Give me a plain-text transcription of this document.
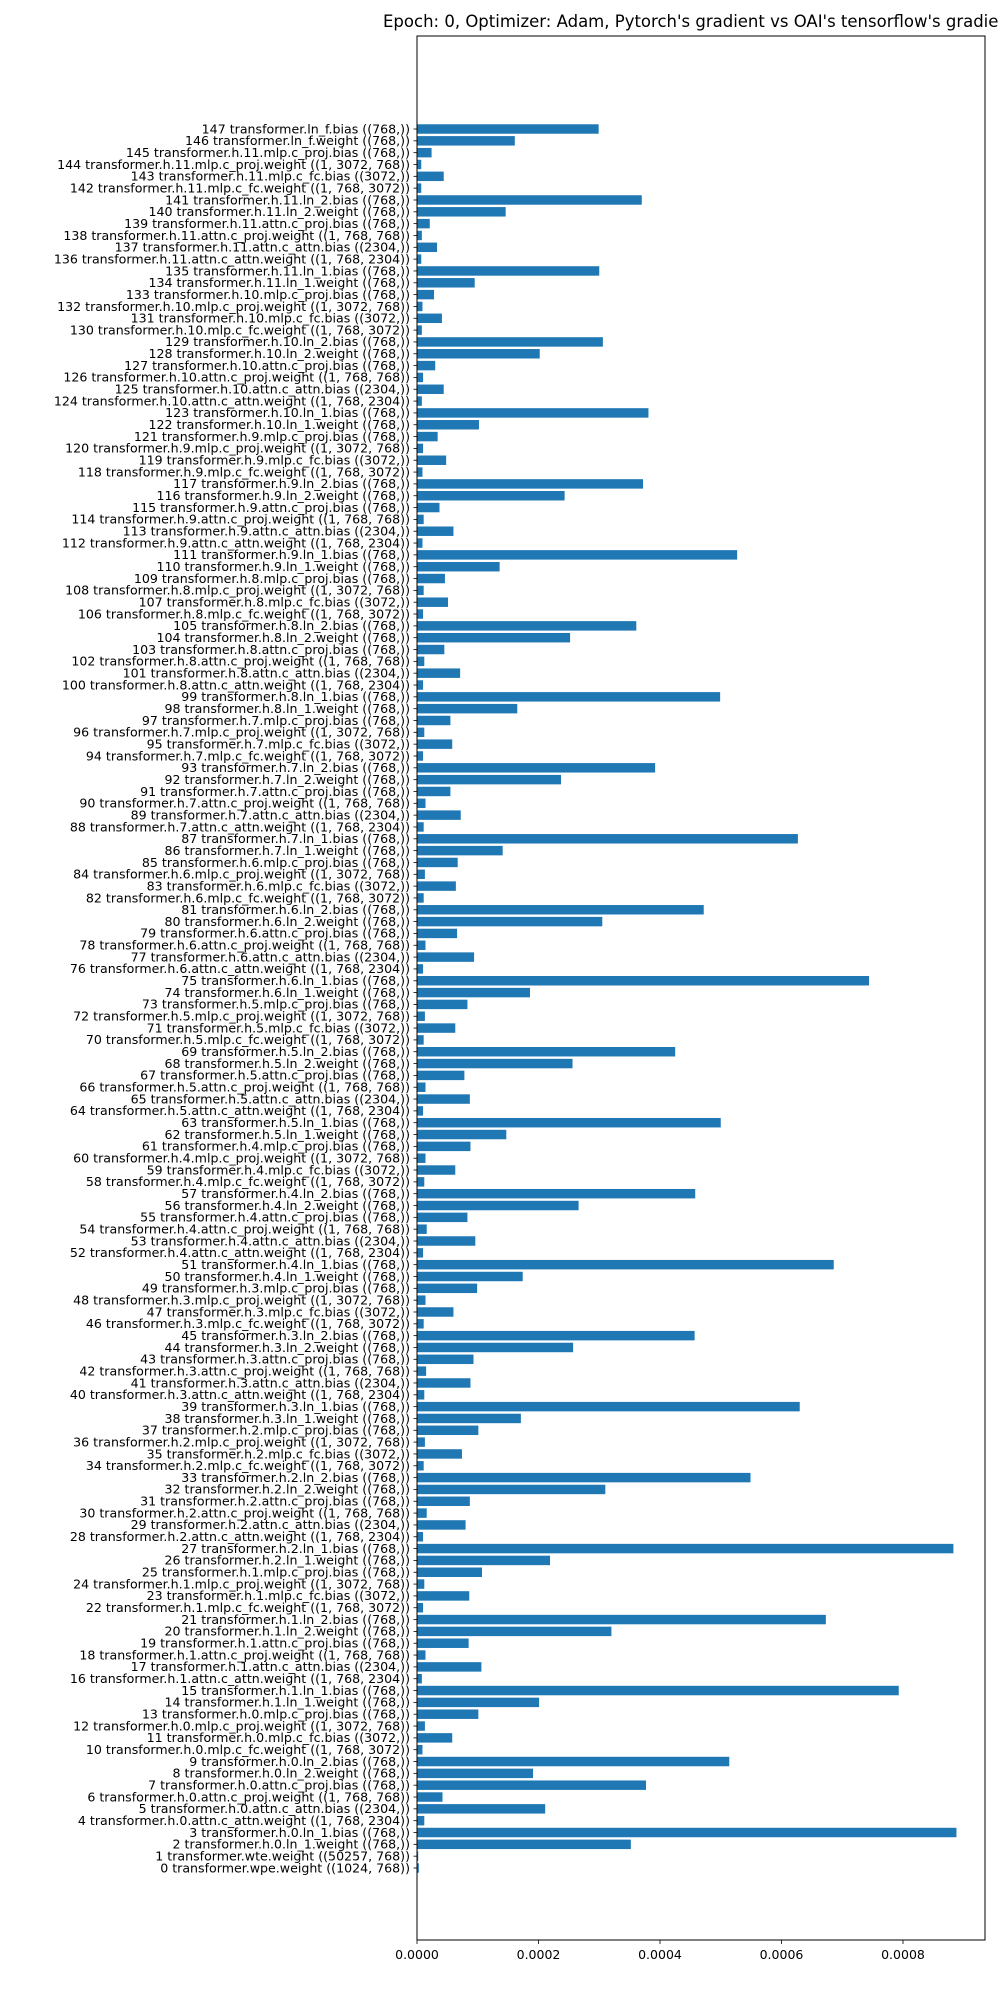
0 transformer.wpe.weight ((1024, 768))
1 transformer.wte.weight ((50257, 768))
2 transformer.h.0.ln_1.weight ((768,))
3 transformer.h.0.ln_1.bias ((768,))
4 transformer.h.0.attn.c_attn.weight ((1, 768, 2304))
5 transformer.h.0.attn.c_attn.bias ((2304,))
6 transformer.h.0.attn.c_proj.weight ((1, 768, 768))
7 transformer.h.0.attn.c_proj.bias ((768,))
8 transformer.h.0.ln_2.weight ((768,))
9 transformer.h.0.ln_2.bias ((768,))
10 transformer.h.0.mlp.c_fc.weight ((1, 768, 3072))
11 transformer.h.0.mlp.c_fc.bias ((3072,))
12 transformer.h.0.mlp.c_proj.weight ((1, 3072, 768))
13 transformer.h.0.mlp.c_proj.bias ((768,))
14 transformer.h.1.ln_1.weight ((768,))
15 transformer.h.1.ln_1.bias ((768,))
16 transformer.h.1.attn.c_attn.weight ((1, 768, 2304))
17 transformer.h.1.attn.c_attn.bias ((2304,))
18 transformer.h.1.attn.c_proj.weight ((1, 768, 768))
19 transformer.h.1.attn.c_proj.bias ((768,))
20 transformer.h.1.ln_2.weight ((768,))
21 transformer.h.1.ln_2.bias ((768,))
22 transformer.h.1.mlp.c_fc.weight ((1, 768, 3072))
23 transformer.h.1.mlp.c_fc.bias ((3072,))
24 transformer.h.1.mlp.c_proj.weight ((1, 3072, 768))
25 transformer.h.1.mlp.c_proj.bias ((768,))
26 transformer.h.2.ln_1.weight ((768,))
27 transformer.h.2.ln_1.bias ((768,))
28 transformer.h.2.attn.c_attn.weight ((1, 768, 2304))
29 transformer.h.2.attn.c_attn.bias ((2304,))
30 transformer.h.2.attn.c_proj.weight ((1, 768, 768))
31 transformer.h.2.attn.c_proj.bias ((768,))
32 transformer.h.2.ln_2.weight ((768,))
33 transformer.h.2.ln_2.bias ((768,))
34 transformer.h.2.mlp.c_fc.weight ((1, 768, 3072))
35 transformer.h.2.mlp.c_fc.bias ((3072,))
36 transformer.h.2.mlp.c_proj.weight ((1, 3072, 768))
37 transformer.h.2.mlp.c_proj.bias ((768,))
38 transformer.h.3.ln_1.weight ((768,))
39 transformer.h.3.ln_1.bias ((768,))
40 transformer.h.3.attn.c_attn.weight ((1, 768, 2304))
41 transformer.h.3.attn.c_attn.bias ((2304,))
42 transformer.h.3.attn.c_proj.weight ((1, 768, 768))
43 transformer.h.3.attn.c_proj.bias ((768,))
44 transformer.h.3.ln_2.weight ((768,))
45 transformer.h.3.ln_2.bias ((768,))
46 transformer.h.3.mlp.c_fc.weight ((1, 768, 3072))
47 transformer.h.3.mlp.c_fc.bias ((3072,))
48 transformer.h.3.mlp.c_proj.weight ((1, 3072, 768))
49 transformer.h.3.mlp.c_proj.bias ((768,))
50 transformer.h.4.ln_1.weight ((768,))
51 transformer.h.4.ln_1.bias ((768,))
52 transformer.h.4.attn.c_attn.weight ((1, 768, 2304))
53 transformer.h.4.attn.c_attn.bias ((2304,))
54 transformer.h.4.attn.c_proj.weight ((1, 768, 768))
55 transformer.h.4.attn.c_proj.bias ((768,))
56 transformer.h.4.ln_2.weight ((768,))
57 transformer.h.4.ln_2.bias ((768,))
58 transformer.h.4.mlp.c_fc.weight ((1, 768, 3072))
59 transformer.h.4.mlp.c_fc.bias ((3072,))
60 transformer.h.4.mlp.c_proj.weight ((1, 3072, 768))
61 transformer.h.4.mlp.c_proj.bias ((768,))
62 transformer.h.5.ln_1.weight ((768,))
63 transformer.h.5.ln_1.bias ((768,))
64 transformer.h.5.attn.c_attn.weight ((1, 768, 2304))
65 transformer.h.5.attn.c_attn.bias ((2304,))
66 transformer.h.5.attn.c_proj.weight ((1, 768, 768))
67 transformer.h.5.attn.c_proj.bias ((768,))
68 transformer.h.5.ln_2.weight ((768,))
69 transformer.h.5.ln_2.bias ((768,))
70 transformer.h.5.mlp.c_fc.weight ((1, 768, 3072))
71 transformer.h.5.mlp.c_fc.bias ((3072,))
72 transformer.h.5.mlp.c_proj.weight ((1, 3072, 768))
73 transformer.h.5.mlp.c_proj.bias ((768,))
74 transformer.h.6.ln_1.weight ((768,))
75 transformer.h.6.ln_1.bias ((768,))
76 transformer.h.6.attn.c_attn.weight ((1, 768, 2304))
77 transformer.h.6.attn.c_attn.bias ((2304,))
78 transformer.h.6.attn.c_proj.weight ((1, 768, 768))
79 transformer.h.6.attn.c_proj.bias ((768,))
80 transformer.h.6.ln_2.weight ((768,))
81 transformer.h.6.ln_2.bias ((768,))
82 transformer.h.6.mlp.c_fc.weight ((1, 768, 3072))
83 transformer.h.6.mlp.c_fc.bias ((3072,))
84 transformer.h.6.mlp.c_proj.weight ((1, 3072, 768))
85 transformer.h.6.mlp.c_proj.bias ((768,))
86 transformer.h.7.ln_1.weight ((768,))
87 transformer.h.7.ln_1.bias ((768,))
88 transformer.h.7.attn.c_attn.weight ((1, 768, 2304))
89 transformer.h.7.attn.c_attn.bias ((2304,))
90 transformer.h.7.attn.c_proj.weight ((1, 768, 768))
91 transformer.h.7.attn.c_proj.bias ((768,))
92 transformer.h.7.ln_2.weight ((768,))
93 transformer.h.7.ln_2.bias ((768,))
94 transformer.h.7.mlp.c_fc.weight ((1, 768, 3072))
95 transformer.h.7.mlp.c_fc.bias ((3072,))
96 transformer.h.7.mlp.c_proj.weight ((1, 3072, 768))
97 transformer.h.7.mlp.c_proj.bias ((768,))
98 transformer.h.8.ln_1.weight ((768,))
99 transformer.h.8.ln_1.bias ((768,))
100 transformer.h.8.attn.c_attn.weight ((1, 768, 2304))
101 transformer.h.8.attn.c_attn.bias ((2304,))
102 transformer.h.8.attn.c_proj.weight ((1, 768, 768))
103 transformer.h.8.attn.c_proj.bias ((768,))
104 transformer.h.8.ln_2.weight ((768,))
105 transformer.h.8.ln_2.bias ((768,))
106 transformer.h.8.mlp.c_fc.weight ((1, 768, 3072))
107 transformer.h.8.mlp.c_fc.bias ((3072,))
108 transformer.h.8.mlp.c_proj.weight ((1, 3072, 768))
109 transformer.h.8.mlp.c_proj.bias ((768,))
110 transformer.h.9.ln_1.weight ((768,))
111 transformer.h.9.ln_1.bias ((768,))
112 transformer.h.9.attn.c_attn.weight ((1, 768, 2304))
113 transformer.h.9.attn.c_attn.bias ((2304,))
114 transformer.h.9.attn.c_proj.weight ((1, 768, 768))
115 transformer.h.9.attn.c_proj.bias ((768,))
116 transformer.h.9.ln_2.weight ((768,))
117 transformer.h.9.ln_2.bias ((768,))
118 transformer.h.9.mlp.c_fc.weight ((1, 768, 3072))
119 transformer.h.9.mlp.c_fc.bias ((3072,))
120 transformer.h.9.mlp.c_proj.weight ((1, 3072, 768))
121 transformer.h.9.mlp.c_proj.bias ((768,))
122 transformer.h.10.ln_1.weight ((768,))
123 transformer.h.10.ln_1.bias ((768,))
124 transformer.h.10.attn.c_attn.weight ((1, 768, 2304))
125 transformer.h.10.attn.c_attn.bias ((2304,))
126 transformer.h.10.attn.c_proj.weight ((1, 768, 768))
127 transformer.h.10.attn.c_proj.bias ((768,))
128 transformer.h.10.ln_2.weight ((768,))
129 transformer.h.10.ln_2.bias ((768,))
130 transformer.h.10.mlp.c_fc.weight ((1, 768, 3072))
131 transformer.h.10.mlp.c_fc.bias ((3072,))
132 transformer.h.10.mlp.c_proj.weight ((1, 3072, 768))
133 transformer.h.10.mlp.c_proj.bias ((768,))
134 transformer.h.11.ln_1.weight ((768,))
135 transformer.h.11.ln_1.bias ((768,))
136 transformer.h.11.attn.c_attn.weight ((1, 768, 2304))
137 transformer.h.11.attn.c_attn.bias ((2304,))
138 transformer.h.11.attn.c_proj.weight ((1, 768, 768))
139 transformer.h.11.attn.c_proj.bias ((768,))
140 transformer.h.11.ln_2.weight ((768,))
141 transformer.h.11.ln_2.bias ((768,))
142 transformer.h.11.mlp.c_fc.weight ((1, 768, 3072))
143 transformer.h.11.mlp.c_fc.bias ((3072,))
144 transformer.h.11.mlp.c_proj.weight ((1, 3072, 768))
145 transformer.h.11.mlp.c_proj.bias ((768,))
146 transformer.ln_f.weight ((768,))
147 transformer.ln_f.bias ((768,))
0.0000	0.0002	0.0004	0.0006	0.0008
Epoch: 0, Optimizer: Adam, Pytorch's gradient vs OAI's tensorflow's gradie
